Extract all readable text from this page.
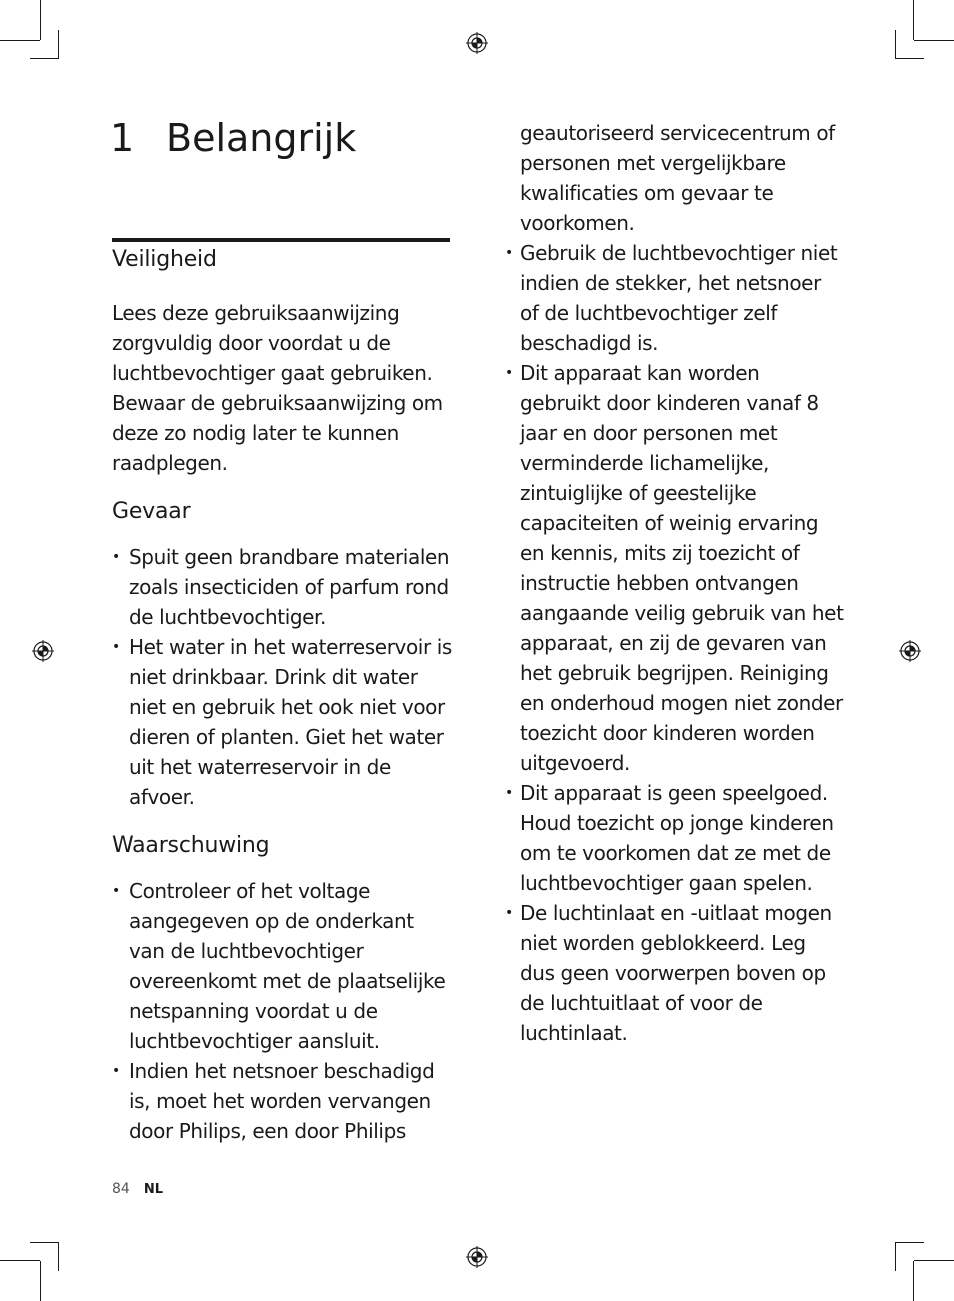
1 Belangrijk
Veiligheid

Lees deze gebruiksaanwijzing zorgvuldig door voordat u de luchtbevochtiger gaat gebruiken. Bewaar de gebruiksaanwijzing om deze zo nodig later te kunnen raadplegen.

Gevaar
• Spuit geen brandbare materialen zoals insecticiden of parfum rond de luchtbevochtiger.
• Het water in het waterreservoir is niet drinkbaar. Drink dit water niet en gebruik het ook niet voor dieren of planten. Giet het water uit het waterreservoir in de afvoer.
Waarschuwing
• Controleer of het voltage aangegeven op de onderkant van de luchtbevochtiger overeenkomt met de plaatselijke netspanning voordat u de luchtbevochtiger aansluit.
• Indien het netsnoer beschadigd is, moet het worden vervangen door Philips, een door Philips

geautoriseerd servicecentrum of personen met vergelijkbare kwalificaties om gevaar te voorkomen.

• Gebruik de luchtbevochtiger niet indien de stekker, het netsnoer of de luchtbevochtiger zelf beschadigd is.
• Dit apparaat kan worden gebruikt door kinderen vanaf 8 jaar en door personen met verminderde lichamelijke, zintuiglijke of geestelijke capaciteiten of weinig ervaring en kennis, mits zij toezicht of instructie hebben ontvangen aangaande veilig gebruik van het apparaat, en zij de gevaren van het gebruik begrijpen. Reiniging en onderhoud mogen niet zonder toezicht door kinderen worden uitgevoerd.
• Dit apparaat is geen speelgoed. Houd toezicht op jonge kinderen om te voorkomen dat ze met de luchtbevochtiger gaan spelen.
• De luchtinlaat en -uitlaat mogen niet worden geblokkeerd. Leg dus geen voorwerpen boven op de luchtuitlaat of voor de luchtinlaat.
84 NL
